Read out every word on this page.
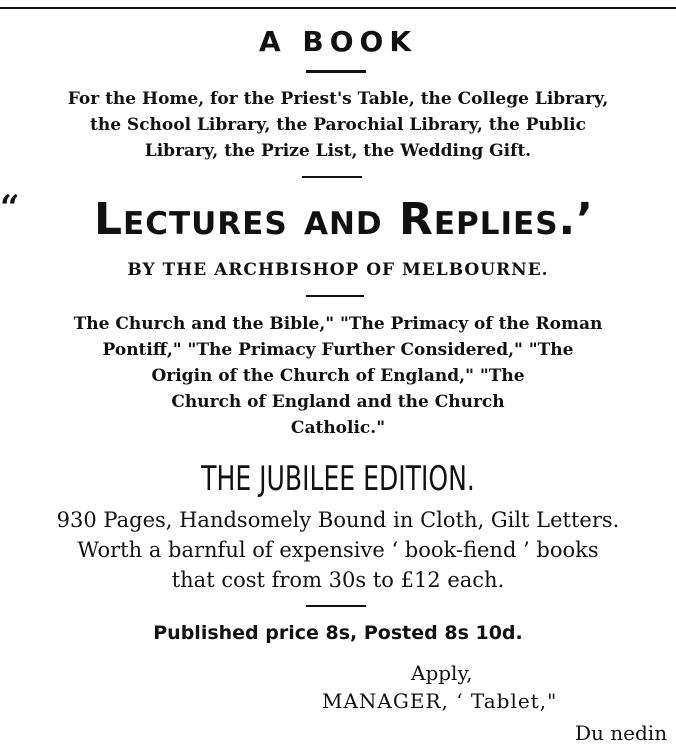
A BOOK
For the Home, for the Priest's Table, the College Library,
the School Library, the Parochial Library, the Public
Library, the Prize List, the Wedding Gift.
“	Lectures and Replies.’
BY THE ARCHBISHOP OF MELBOURNE.
The Church and the Bible," "The Primacy of the Roman
Pontiff," "The Primacy Further Considered," "The
Origin of the Church of England," "The
Church of England and the Church
Catholic."
THE JUBILEE EDITION.
930 Pages, Handsomely Bound in Cloth, Gilt Letters.
Worth a barnful of expensive ‘ book-fiend ’ books
that cost from 30s to £12 each.
Published price 8s, Posted 8s 10d.
Apply,
MANAGER, ‘ Tablet,"
Du nedin
